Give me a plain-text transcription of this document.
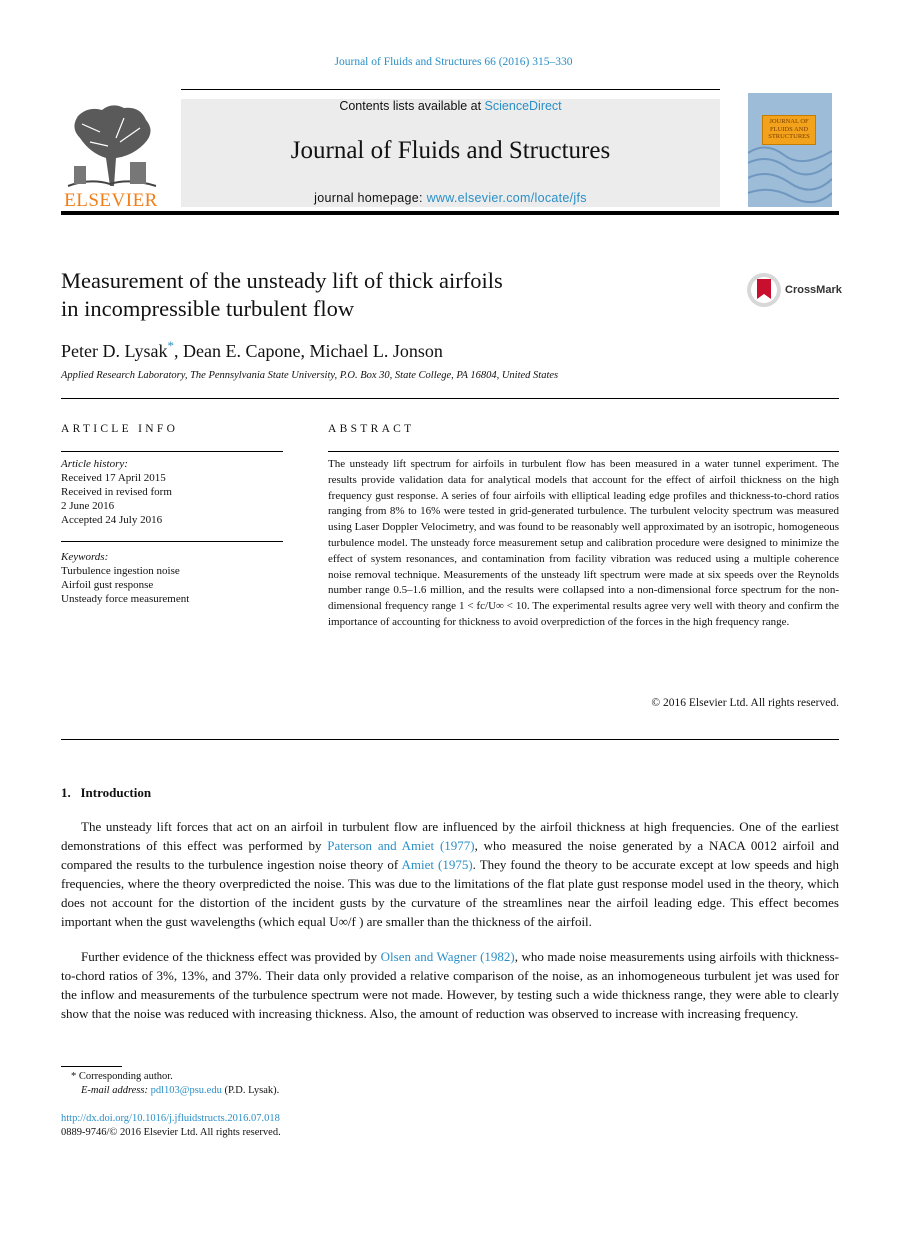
Journal of Fluids and Structures 66 (2016) 315–330
ELSEVIER
Contents lists available at ScienceDirect
Journal of Fluids and Structures
journal homepage: www.elsevier.com/locate/jfs
JOURNAL OF FLUIDS AND STRUCTURES
Measurement of the unsteady lift of thick airfoils
in incompressible turbulent flow
CrossMark
Peter D. Lysak*, Dean E. Capone, Michael L. Jonson
Applied Research Laboratory, The Pennsylvania State University, P.O. Box 30, State College, PA 16804, United States
ARTICLE INFO
Article history:
Received 17 April 2015
Received in revised form
2 June 2016
Accepted 24 July 2016
Keywords:
Turbulence ingestion noise
Airfoil gust response
Unsteady force measurement
ABSTRACT
The unsteady lift spectrum for airfoils in turbulent flow has been measured in a water tunnel experiment. The results provide validation data for analytical models that account for the effect of airfoil thickness on the high frequency gust response. A series of four airfoils with elliptical leading edge profiles and thickness-to-chord ratios ranging from 8% to 16% were tested in grid-generated turbulence. The turbulent velocity spectrum was measured using Laser Doppler Velocimetry, and was found to be reasonably well approximated by an isotropic, homogeneous turbulence model. The unsteady force measurement setup and calibration procedure were designed to minimize the effect of system resonances, and contamination from facility vibration was reduced using a multiple coherence noise removal technique. Measurements of the unsteady lift spectrum were made at six speeds over the Reynolds number range 0.5–1.6 million, and the results were collapsed into a non-dimensional force spectrum for the non-dimensional frequency range 1 < fc/U∞ < 10. The experimental results agree very well with theory and confirm the importance of accounting for thickness to avoid overprediction of the forces in the high frequency range.
© 2016 Elsevier Ltd. All rights reserved.
1.   Introduction

The unsteady lift forces that act on an airfoil in turbulent flow are influenced by the airfoil thickness at high frequencies. One of the earliest demonstrations of this effect was performed by Paterson and Amiet (1977), who measured the noise generated by a NACA 0012 airfoil and compared the results to the turbulence ingestion noise theory of Amiet (1975). They found the theory to be accurate except at low speeds and high frequencies, where the theory overpredicted the noise. This was due to the limitations of the flat plate gust response model used in the theory, which does not account for the distortion of the incident gusts by the curvature of the streamlines near the airfoil leading edge. This effect becomes important when the gust wavelengths (which equal U∞/f ) are smaller than the thickness of the airfoil.

Further evidence of the thickness effect was provided by Olsen and Wagner (1982), who made noise measurements using airfoils with thickness-to-chord ratios of 3%, 13%, and 37%. Their data only provided a relative comparison of the noise, as an inhomogeneous turbulent jet was used for the inflow and measurements of the turbulence spectrum were not made. However, by testing such a wide thickness range, they were able to clearly show that the noise was reduced with increasing thickness. Also, the amount of reduction was observed to increase with increasing frequency.

* Corresponding author.
E-mail address: pdl103@psu.edu (P.D. Lysak).
http://dx.doi.org/10.1016/j.jfluidstructs.2016.07.018
0889-9746/© 2016 Elsevier Ltd. All rights reserved.
